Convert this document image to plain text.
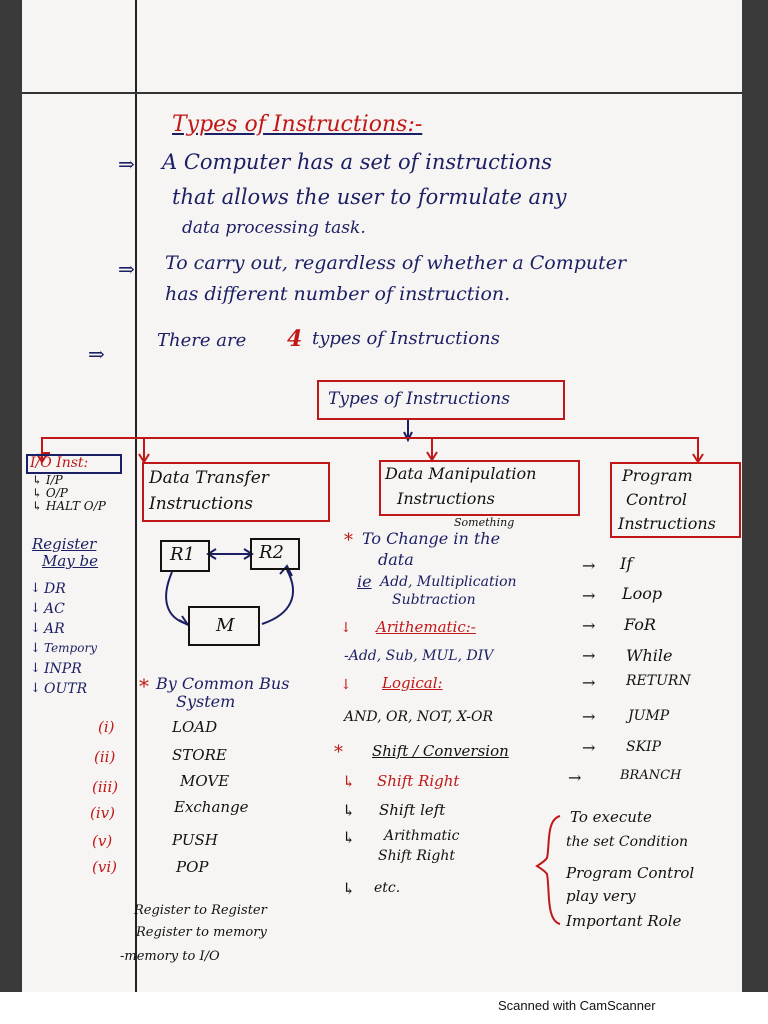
Types of Instructions:-
⇒ A Computer has a set of instructions
that allows the user to formulate any
data processing task.
⇒ To carry out, regardless of whether a Computer
has different number of instruction.
⇒
There are 4 types of Instructions
Types of Instructions
I/O Inst:
↳ I/P
↳ O/P
↳ HALT O/P
Data Transfer
Instructions
Data Manipulation
Instructions
Program
Control
Instructions
Register
May be
↓ DR
↓ AC
↓ AR
↓ Tempory
↓ INPR
↓ OUTR
R1	R2
M
* By Common Bus
System
(i)	LOAD
(ii)	STORE
(iii)	MOVE
(iv)	Exchange
(v)	PUSH
(vi)	POP
Register to Register
Register to memory
-memory to I/O
Something
* To Change in the
data
ie Add, Multiplication
Subtraction
↓ Arithematic:-
-Add, Sub, MUL, DIV
↓ Logical:
AND, OR, NOT, X-OR
* Shift / Conversion
↳ Shift Right
↳ Shift left
↳ Arithmatic
Shift Right
↳ etc.
→ If
→ Loop
→ FoR
→ While
→ RETURN
→ JUMP
→ SKIP
→	BRANCH
To execute
the set Condition
Program Control
play very
Important Role
Scanned with CamScanner
